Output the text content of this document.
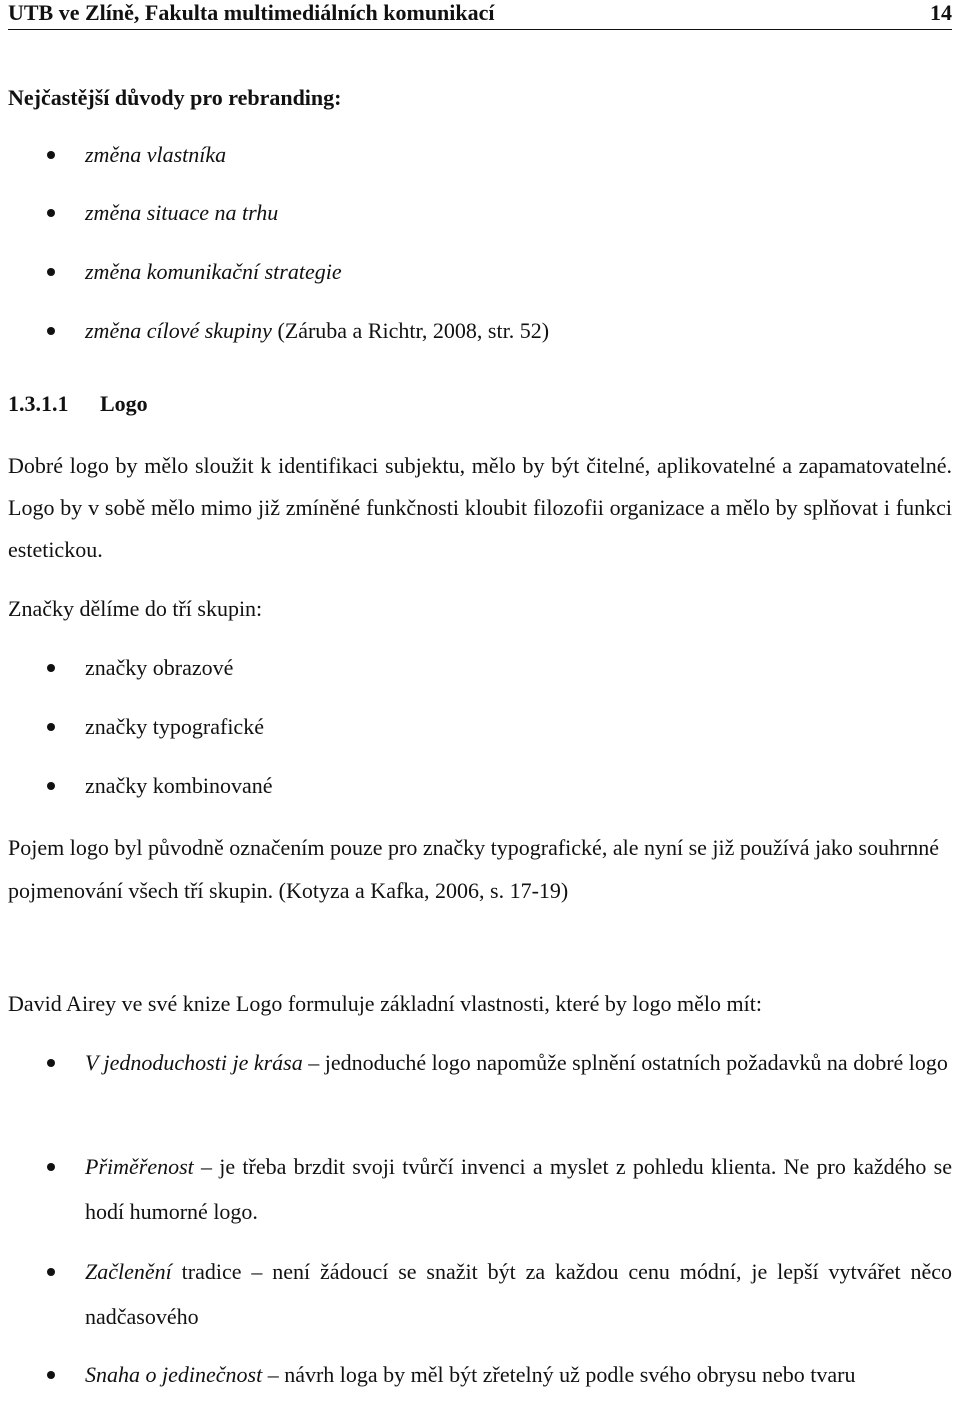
UTB ve Zlíně, Fakulta multimediálních komunikací	14
Nejčastější důvody pro rebranding:
změna vlastníka
změna situace na trhu
změna komunikační strategie
změna cílové skupiny (Záruba a Richtr, 2008, str. 52)
1.3.1.1 Logo
Dobré logo by mělo sloužit k identifikaci subjektu, mělo by být čitelné, aplikovatelné a zapamatovatelné. Logo by v sobě mělo mimo již zmíněné funkčnosti kloubit filozofii organizace a mělo by splňovat i funkci estetickou.
Značky dělíme do tří skupin:
značky obrazové
značky typografické
značky kombinované
Pojem logo byl původně označením pouze pro značky typografické, ale nyní se již používá jako souhrnné pojmenování všech tří skupin. (Kotyza a Kafka, 2006, s. 17-19)
David Airey ve své knize Logo formuluje základní vlastnosti, které by logo mělo mít:
V jednoduchosti je krása – jednoduché logo napomůže splnění ostatních požadavků na dobré logo
Přiměřenost – je třeba brzdit svoji tvůrčí invenci a myslet z pohledu klienta. Ne pro každého se hodí humorné logo.
Začlenění tradice – není žádoucí se snažit být za každou cenu módní, je lepší vytvářet něco nadčasového
Snaha o jedinečnost – návrh loga by měl být zřetelný už podle svého obrysu nebo tvaru
